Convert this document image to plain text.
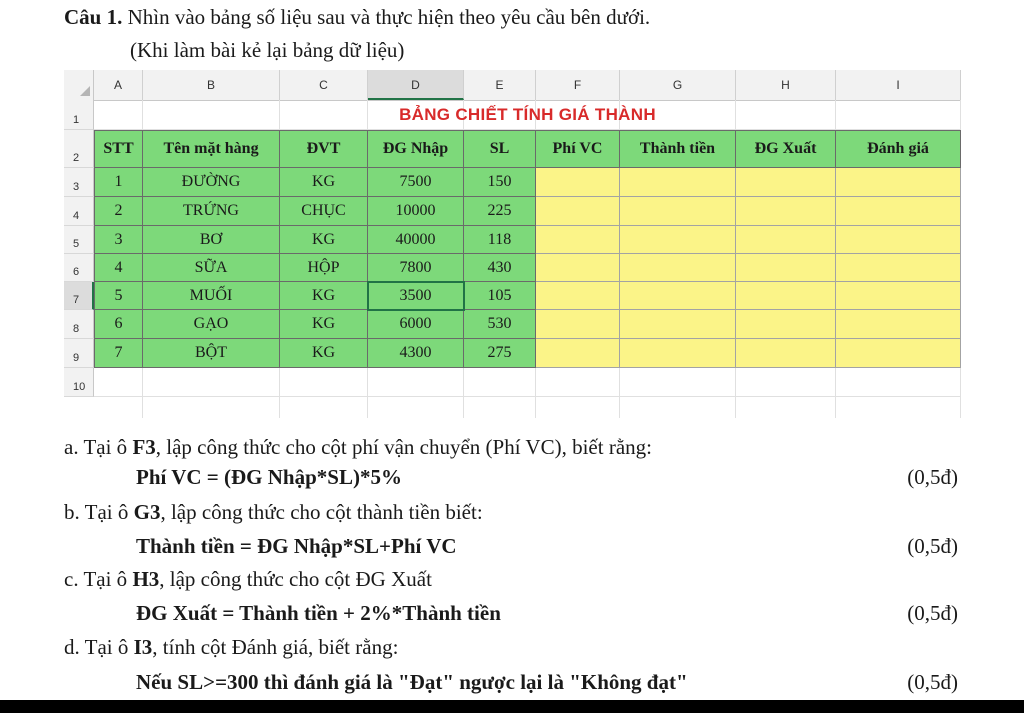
Câu 1. Nhìn vào bảng số liệu sau và thực hiện theo yêu cầu bên dưới.
(Khi làm bài kẻ lại bảng dữ liệu)
A	B	C	D	E	F	G	H	I
1
2
3
4
5
6
7
8
9
10
BẢNG CHIẾT TÍNH GIÁ THÀNH
STT	Tên mặt hàng	ĐVT	ĐG Nhập	SL	Phí VC	Thành tiền	ĐG Xuất	Đánh giá
1	ĐƯỜNG	KG	7500	150
2	TRỨNG	CHỤC	10000	225
3	BƠ	KG	40000	118
4	SỮA	HỘP	7800	430
5	MUỐI	KG	3500	105
6	GẠO	KG	6000	530
7	BỘT	KG	4300	275
a. Tại ô F3, lập công thức cho cột phí vận chuyển (Phí VC), biết rằng:
Phí VC = (ĐG Nhập*SL)*5%	(0,5đ)
b. Tại ô G3, lập công thức cho cột thành tiền biết:
Thành tiền = ĐG Nhập*SL+Phí VC	(0,5đ)
c. Tại ô H3, lập công thức cho cột ĐG Xuất
ĐG Xuất = Thành tiền + 2%*Thành tiền	(0,5đ)
d. Tại ô I3, tính cột Đánh giá, biết rằng:
Nếu SL>=300 thì đánh giá là "Đạt" ngược lại là "Không đạt"	(0,5đ)
